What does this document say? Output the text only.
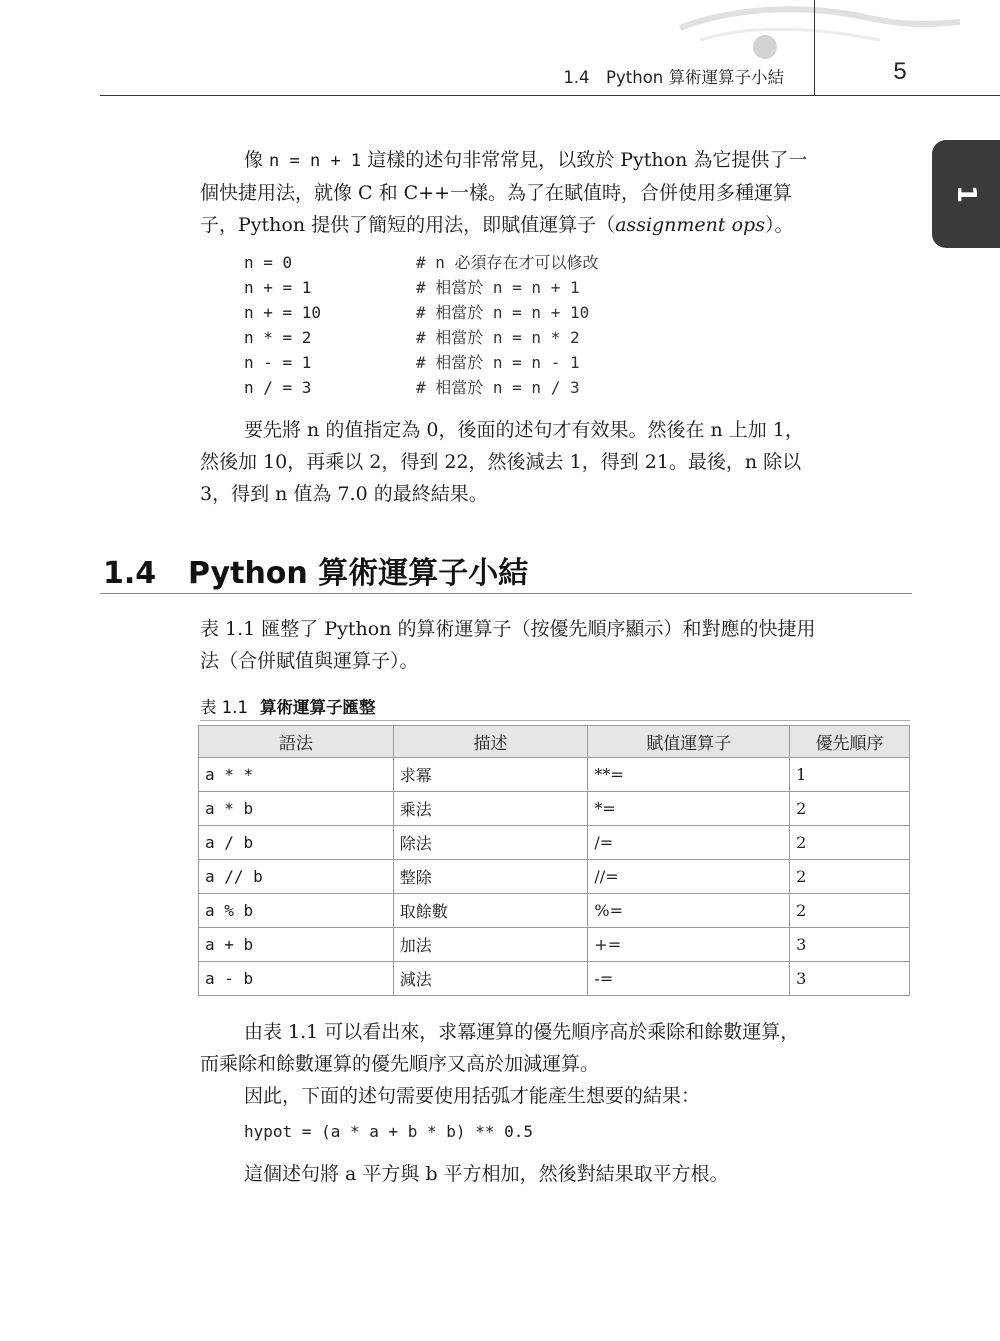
1.4　Python 算術運算子小結	5
1
像 n = n + 1 這樣的述句非常常見，以致於 Python 為它提供了一
個快捷用法，就像 C 和 C++一樣。為了在賦值時，合併使用多種運算
子，Python 提供了簡短的用法，即賦值運算子（assignment ops）。
n = 0	# n 必須存在才可以修改
n + = 1	# 相當於 n = n + 1
n + = 10	# 相當於 n = n + 10
n * = 2	# 相當於 n = n * 2
n - = 1	# 相當於 n = n - 1
n / = 3	# 相當於 n = n / 3
要先將 n 的值指定為 0，後面的述句才有效果。然後在 n 上加 1，
然後加 10，再乘以 2，得到 22，然後減去 1，得到 21。最後，n 除以
3，得到 n 值為 7.0 的最終結果。
1.4 Python 算術運算子小結
表 1.1 匯整了 Python 的算術運算子（按優先順序顯示）和對應的快捷用
法（合併賦值與運算子）。
表 1.1 算術運算子匯整
語法	描述	賦值運算子	優先順序
a * *	求冪	**=	1
a * b	乘法	*=	2
a / b	除法	/=	2
a // b	整除	//=	2
a % b	取餘數	%=	2
a + b	加法	+=	3
a - b	減法	-=	3
由表 1.1 可以看出來，求冪運算的優先順序高於乘除和餘數運算，
而乘除和餘數運算的優先順序又高於加減運算。
因此，下面的述句需要使用括弧才能產生想要的結果：
hypot = (a * a + b * b) ** 0.5
這個述句將 a 平方與 b 平方相加，然後對結果取平方根。
